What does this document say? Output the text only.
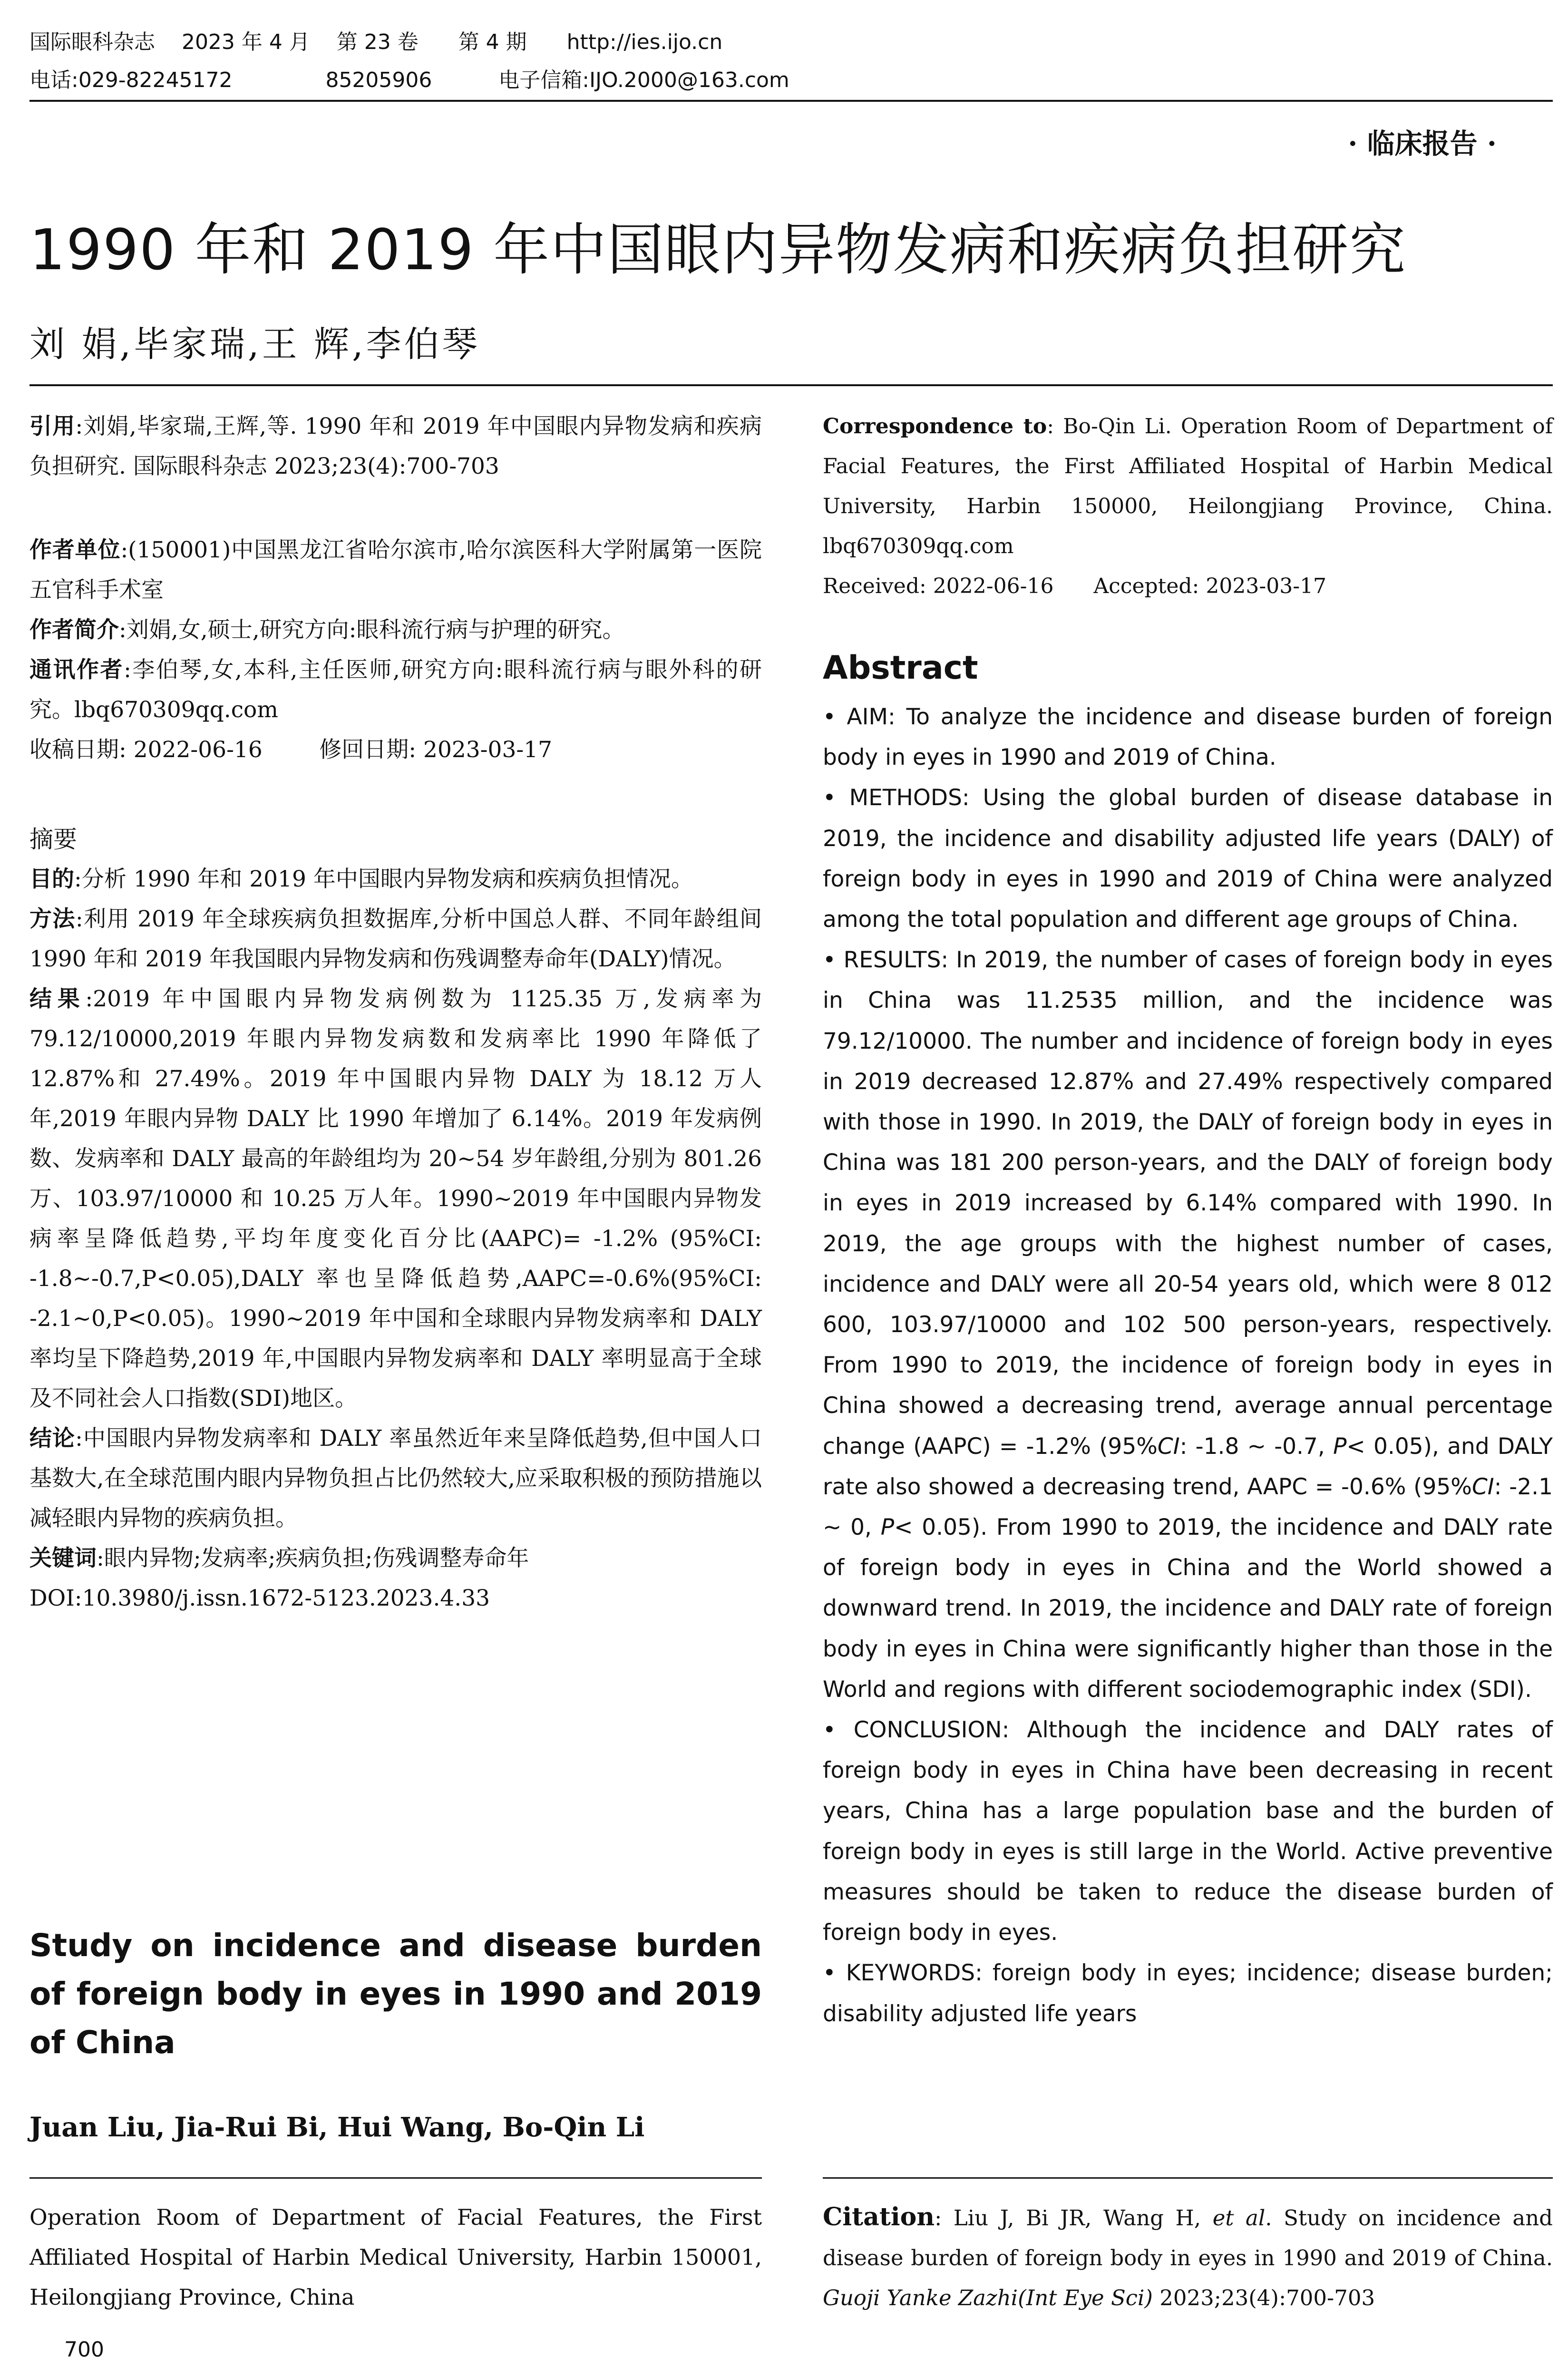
国际眼科杂志    2023 年 4 月    第 23 卷      第 4 期      http://ies.ijo.cn
电话:029-82245172              85205906          电子信箱:IJO.2000@163.com
· 临床报告 ·
1990 年和 2019 年中国眼内异物发病和疾病负担研究
刘 娟,毕家瑞,王 辉,李伯琴

引用:刘娟,毕家瑞,王辉,等. 1990 年和 2019 年中国眼内异物发病和疾病负担研究. 国际眼科杂志 2023;23(4):700-703

作者单位:(150001)中国黑龙江省哈尔滨市,哈尔滨医科大学附属第一医院五官科手术室

作者简介:刘娟,女,硕士,研究方向:眼科流行病与护理的研究。

通讯作者:李伯琴,女,本科,主任医师,研究方向:眼科流行病与眼外科的研究。lbq670309qq.com

收稿日期: 2022-06-16        修回日期: 2023-03-17

摘要

目的:分析 1990 年和 2019 年中国眼内异物发病和疾病负担情况。

方法:利用 2019 年全球疾病负担数据库,分析中国总人群、不同年龄组间 1990 年和 2019 年我国眼内异物发病和伤残调整寿命年(DALY)情况。

结果:2019 年中国眼内异物发病例数为 1125.35 万,发病率为 79.12/10000,2019 年眼内异物发病数和发病率比 1990 年降低了 12.87%和 27.49%。2019 年中国眼内异物 DALY 为 18.12 万人年,2019 年眼内异物 DALY 比 1990 年增加了 6.14%。2019 年发病例数、发病率和 DALY 最高的年龄组均为 20~54 岁年龄组,分别为 801.26 万、103.97/10000 和 10.25 万人年。1990~2019 年中国眼内异物发病率呈降低趋势,平均年度变化百分比(AAPC)= -1.2% (95%CI: -1.8~-0.7,P<0.05),DALY 率也呈降低趋势,AAPC=-0.6%(95%CI: -2.1~0,P<0.05)。1990~2019 年中国和全球眼内异物发病率和 DALY 率均呈下降趋势,2019 年,中国眼内异物发病率和 DALY 率明显高于全球及不同社会人口指数(SDI)地区。

结论:中国眼内异物发病率和 DALY 率虽然近年来呈降低趋势,但中国人口基数大,在全球范围内眼内异物负担占比仍然较大,应采取积极的预防措施以减轻眼内异物的疾病负担。

关键词:眼内异物;发病率;疾病负担;伤残调整寿命年

DOI:10.3980/j.issn.1672-5123.2023.4.33

Study on incidence and disease burden of foreign body in eyes in 1990 and 2019 of China
Juan Liu, Jia-Rui Bi, Hui Wang, Bo-Qin Li
Operation Room of Department of Facial Features, the First Affiliated Hospital of Harbin Medical University, Harbin 150001, Heilongjiang Province, China
700

Correspondence to: Bo-Qin Li. Operation Room of Department of Facial Features, the First Affiliated Hospital of Harbin Medical University, Harbin 150000, Heilongjiang Province, China. lbq670309qq.com

Received: 2022-06-16      Accepted: 2023-03-17

Abstract

• AIM: To analyze the incidence and disease burden of foreign body in eyes in 1990 and 2019 of China.

• METHODS: Using the global burden of disease database in 2019, the incidence and disability adjusted life years (DALY) of foreign body in eyes in 1990 and 2019 of China were analyzed among the total population and different age groups of China.

• RESULTS: In 2019, the number of cases of foreign body in eyes in China was 11.2535 million, and the incidence was 79.12/10000. The number and incidence of foreign body in eyes in 2019 decreased 12.87% and 27.49% respectively compared with those in 1990. In 2019, the DALY of foreign body in eyes in China was 181 200 person-years, and the DALY of foreign body in eyes in 2019 increased by 6.14% compared with 1990. In 2019, the age groups with the highest number of cases, incidence and DALY were all 20-54 years old, which were 8 012 600, 103.97/10000 and 102 500 person-years, respectively. From 1990 to 2019, the incidence of foreign body in eyes in China showed a decreasing trend, average annual percentage change (AAPC) = -1.2% (95%CI: -1.8 ~ -0.7, P< 0.05), and DALY rate also showed a decreasing trend, AAPC = -0.6% (95%CI: -2.1 ~ 0, P< 0.05). From 1990 to 2019, the incidence and DALY rate of foreign body in eyes in China and the World showed a downward trend. In 2019, the incidence and DALY rate of foreign body in eyes in China were significantly higher than those in the World and regions with different sociodemographic index (SDI).

• CONCLUSION: Although the incidence and DALY rates of foreign body in eyes in China have been decreasing in recent years, China has a large population base and the burden of foreign body in eyes is still large in the World. Active preventive measures should be taken to reduce the disease burden of foreign body in eyes.

• KEYWORDS: foreign body in eyes; incidence; disease burden; disability adjusted life years

Citation: Liu J, Bi JR, Wang H, et al. Study on incidence and disease burden of foreign body in eyes in 1990 and 2019 of China. Guoji Yanke Zazhi(Int Eye Sci) 2023;23(4):700-703
